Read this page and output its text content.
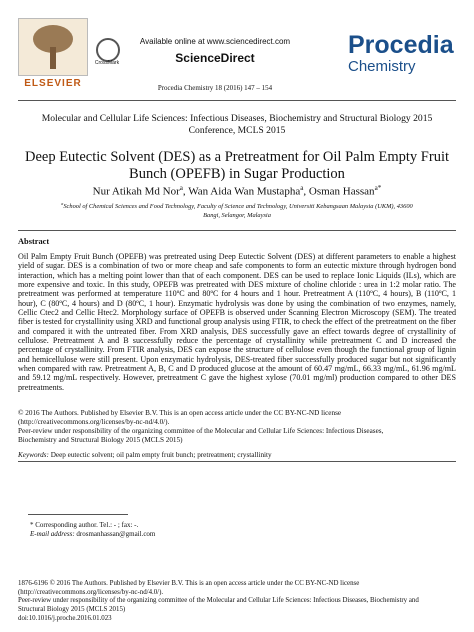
ELSEVIER
CrossMark
Available online at www.sciencedirect.com
ScienceDirect
Procedia Chemistry 18 (2016) 147 – 154
Procedia
Chemistry
Molecular and Cellular Life Sciences: Infectious Diseases, Biochemistry and Structural Biology 2015 Conference, MCLS 2015
Deep Eutectic Solvent (DES) as a Pretreatment for Oil Palm Empty Fruit Bunch (OPEFB) in Sugar Production
Nur Atikah Md Nor$^a$, Wan Aida Wan Mustapha$^a$, Osman Hassan$^{a*}$
$^a$School of Chemical Sciences and Food Technology, Faculty of Science and Technology, Universiti Kebangsaan Malaysia (UKM), 43600 Bangi, Selangor, Malaysia
Abstract
Oil Palm Empty Fruit Bunch (OPEFB) was pretreated using Deep Eutectic Solvent (DES) at different parameters to enable a highest yield of sugar. DES is a combination of two or more cheap and safe components to form an eutectic mixture through hydrogen bond interaction, which has a melting point lower than that of each component. DES can be used to replace Ionic Liquids (ILs), which are more expensive and toxic. In this study, OPEFB was pretreated with DES mixture of choline chloride : urea in 1:2 molar ratio. The pretreatment was performed at temperature 110ºC and 80ºC for 4 hours and 1 hour. Pretreatment A (110ºC, 4 hours), B (110ºC, 1 hour), C (80ºC, 4 hours) and D (80ºC, 1 hour). Enzymatic hydrolysis was done by using the combination of two enzymes, namely, Cellic Ctec2 and Cellic Htec2. Morphology surface of OPEFB is observed under Scanning Electron Microscopy (SEM). The treated fiber is tested for crystallinity using XRD and functional group analysis using FTIR, to check the effect of the pretreatment on the fiber and compared it with the untreated fiber. From XRD analysis, DES successfully gave an effect towards degree of crystallinity of cellulose. Pretreatment A and B successfully reduce the percentage of crystallinity while pretreatment C and D increased the percentage of crystallinity. From FTIR analysis, DES can expose the structure of cellulose even though the functional group of lignin and hemicellulose were still present. Upon enzymatic hydrolysis, DES-treated fiber successfully produced sugar but not significantly when compared with raw. Pretreatment A, B, C and D produced glucose at the amount of 60.47 mg/mL, 66.33 mg/mL, 61.96 mg/mL and 59.12 mg/mL respectively. However, pretreatment C gave the highest xylose (70.01 mg/ml) production compared to other DES pretreatments.
© 2016 The Authors. Published by Elsevier B.V. This is an open access article under the CC BY-NC-ND license
(http://creativecommons.org/licenses/by-nc-nd/4.0/).
Peer-review under responsibility of the organizing committee of the Molecular and Cellular Life Sciences: Infectious Diseases,
Biochemistry and Structural Biology 2015 (MCLS 2015)
Keywords: Deep eutectic solvent; oil palm empty fruit bunch; pretreatment; crystallinity
* Corresponding author. Tel.: - ; fax: -.
E-mail address: drosmanhassan@gmail.com
1876-6196 © 2016 The Authors. Published by Elsevier B.V. This is an open access article under the CC BY-NC-ND license
(http://creativecommons.org/licenses/by-nc-nd/4.0/).
Peer-review under responsibility of the organizing committee of the Molecular and Cellular Life Sciences: Infectious Diseases, Biochemistry and
Structural Biology 2015 (MCLS 2015)
doi:10.1016/j.proche.2016.01.023
